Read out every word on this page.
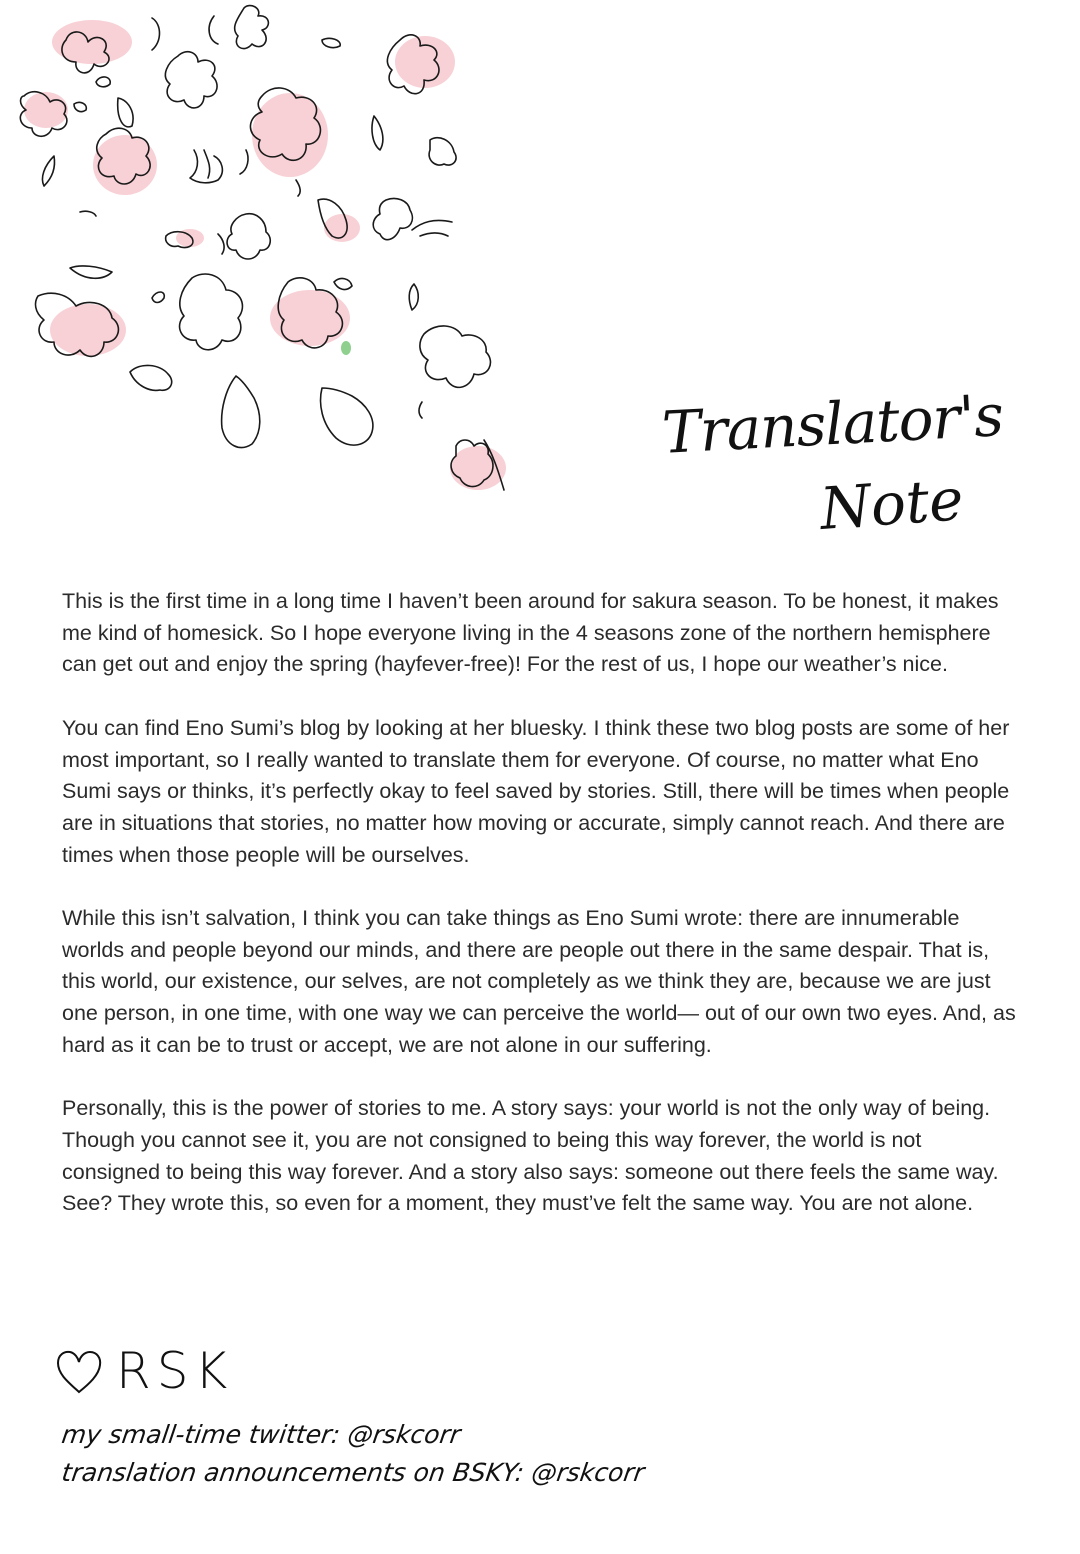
Translator's
Note

This is the first time in a long time I haven’t been around for sakura season. To be honest, it makes me kind of homesick. So I hope everyone living in the 4 seasons zone of the northern hemisphere can get out and enjoy the spring (hayfever-free)! For the rest of us, I hope our weather’s nice.

You can find Eno Sumi’s blog by looking at her bluesky. I think these two blog posts are some of her most important, so I really wanted to translate them for everyone. Of course, no matter what Eno Sumi says or thinks, it’s perfectly okay to feel saved by stories. Still, there will be times when people are in situations that stories, no matter how moving or accurate, simply cannot reach. And there are times when those people will be ourselves.

While this isn’t salvation, I think you can take things as Eno Sumi wrote: there are innumerable worlds and people beyond our minds, and there are people out there in the same despair. That is, this world, our existence, our selves, are not completely as we think they are, because we are just one person, in one time, with one way we can perceive the world— out of our own two eyes. And, as hard as it can be to trust or accept, we are not alone in our suffering.

Personally, this is the power of stories to me. A story says: your world is not the only way of being. Though you cannot see it, you are not consigned to being this way forever, the world is not consigned to being this way forever. And a story also says: someone out there feels the same way. See? They wrote this, so even for a moment, they must’ve felt the same way. You are not alone.

RSK
my small-time twitter: @rskcorr
translation announcements on BSKY: @rskcorr
